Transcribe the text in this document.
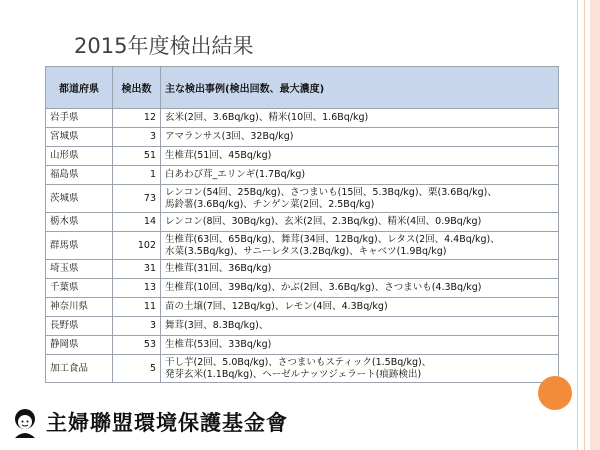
2015年度検出結果
都道府県	検出数	主な検出事例(検出回数、最大濃度)
岩手県	12	玄米(2回、3.6Bq/kg)、精米(10回、1.6Bq/kg)
宮城県	3	アマランサス(3回、32Bq/kg)
山形県	51	生椎茸(51回、45Bq/kg)
福島県	1	白あわび茸_エリンギ(1.7Bq/kg)
茨城県	73	レンコン(54回、25Bq/kg)、さつまいも(15回、5.3Bq/kg)、栗(3.6Bq/kg)、
馬鈴薯(3.6Bq/kg)、チンゲン菜(2回、2.5Bq/kg)
栃木県	14	レンコン(8回、30Bq/kg)、玄米(2回、2.3Bq/kg)、精米(4回、0.9Bq/kg)
群馬県	102	生椎茸(63回、65Bq/kg)、舞茸(34回、12Bq/kg)、レタス(2回、4.4Bq/kg)、
水菜(3.5Bq/kg)、サニーレタス(3.2Bq/kg)、キャベツ(1.9Bq/kg)
埼玉県	31	生椎茸(31回、36Bq/kg)
千葉県	13	生椎茸(10回、39Bq/kg)、かぶ(2回、3.6Bq/kg)、さつまいも(4.3Bq/kg)
神奈川県	11	苗の土壌(7回、12Bq/kg)、レモン(4回、4.3Bq/kg)
長野県	3	舞茸(3回、8.3Bq/kg)、
静岡県	53	生椎茸(53回、33Bq/kg)
加工食品	5	干し芋(2回、5.0Bq/kg)、さつまいもスティック(1.5Bq/kg)、
発芽玄米(1.1Bq/kg)、ヘーゼルナッツジェラート(痕跡検出)
主婦聯盟環境保護基金會
